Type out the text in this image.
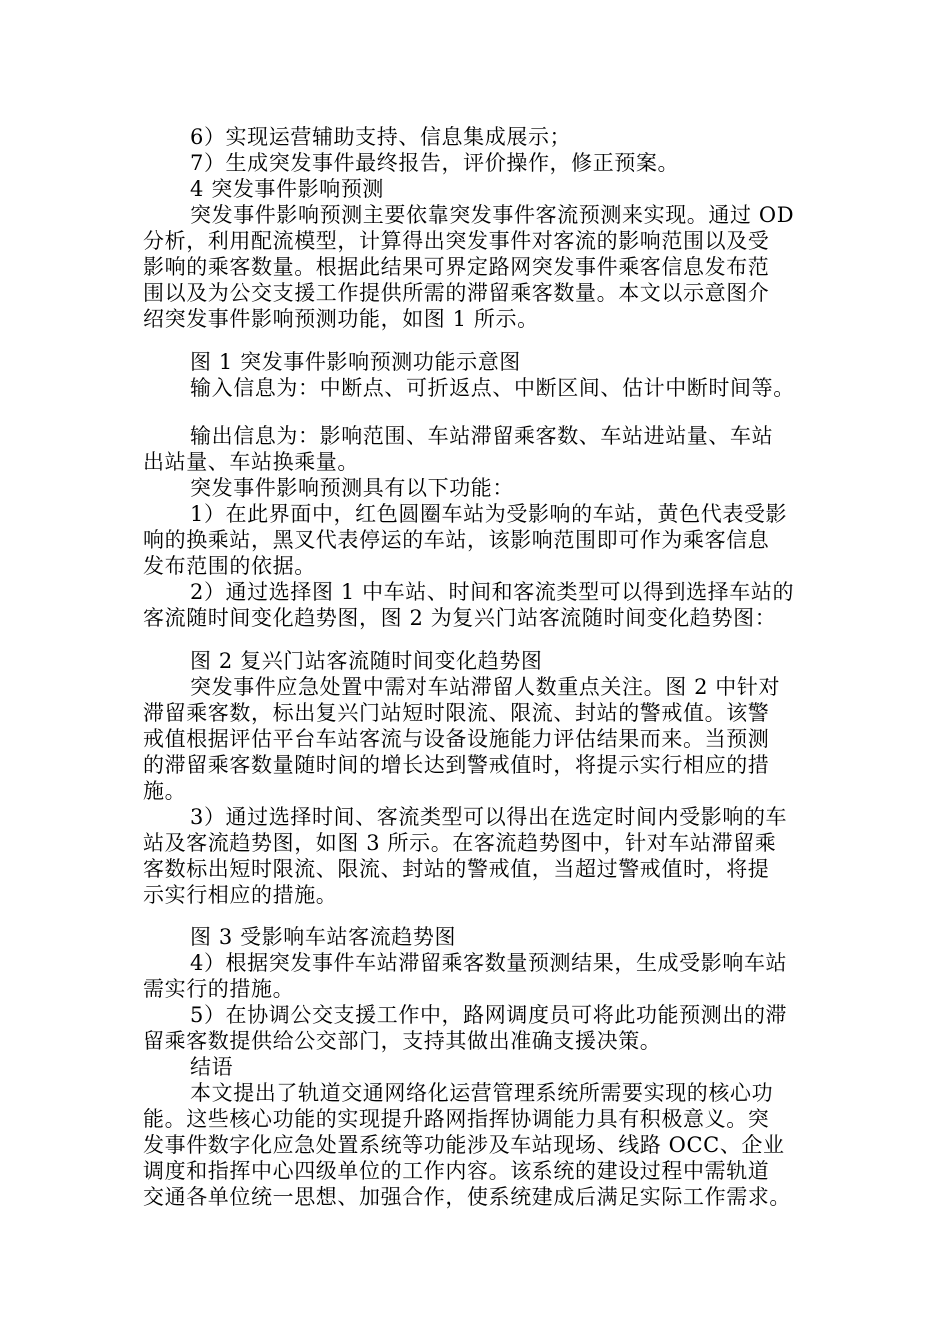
6）实现运营辅助支持、信息集成展示；
7）生成突发事件最终报告，评价操作，修正预案。
4 突发事件影响预测
突发事件影响预测主要依靠突发事件客流预测来实现。通过 OD
分析，利用配流模型，计算得出突发事件对客流的影响范围以及受
影响的乘客数量。根据此结果可界定路网突发事件乘客信息发布范
围以及为公交支援工作提供所需的滞留乘客数量。本文以示意图介
绍突发事件影响预测功能，如图 1 所示。
图 1 突发事件影响预测功能示意图
输入信息为：中断点、可折返点、中断区间、估计中断时间等。
输出信息为：影响范围、车站滞留乘客数、车站进站量、车站
出站量、车站换乘量。
突发事件影响预测具有以下功能：
1）在此界面中，红色圆圈车站为受影响的车站，黄色代表受影
响的换乘站，黑叉代表停运的车站，该影响范围即可作为乘客信息
发布范围的依据。
2）通过选择图 1 中车站、时间和客流类型可以得到选择车站的
客流随时间变化趋势图，图 2 为复兴门站客流随时间变化趋势图：
图 2 复兴门站客流随时间变化趋势图
突发事件应急处置中需对车站滞留人数重点关注。图 2 中针对
滞留乘客数，标出复兴门站短时限流、限流、封站的警戒值。该警
戒值根据评估平台车站客流与设备设施能力评估结果而来。当预测
的滞留乘客数量随时间的增长达到警戒值时，将提示实行相应的措
施。
3）通过选择时间、客流类型可以得出在选定时间内受影响的车
站及客流趋势图，如图 3 所示。在客流趋势图中，针对车站滞留乘
客数标出短时限流、限流、封站的警戒值，当超过警戒值时，将提
示实行相应的措施。
图 3 受影响车站客流趋势图
4）根据突发事件车站滞留乘客数量预测结果，生成受影响车站
需实行的措施。
5）在协调公交支援工作中，路网调度员可将此功能预测出的滞
留乘客数提供给公交部门，支持其做出准确支援决策。
结语
本文提出了轨道交通网络化运营管理系统所需要实现的核心功
能。这些核心功能的实现提升路网指挥协调能力具有积极意义。突
发事件数字化应急处置系统等功能涉及车站现场、线路 OCC、企业
调度和指挥中心四级单位的工作内容。该系统的建设过程中需轨道
交通各单位统一思想、加强合作，使系统建成后满足实际工作需求。
